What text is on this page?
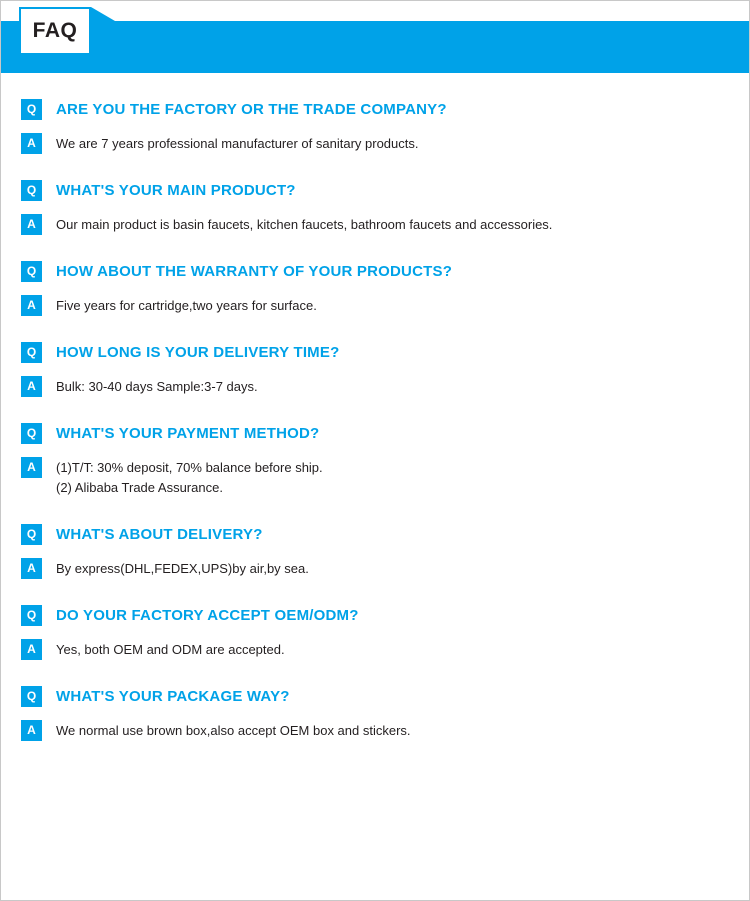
FAQ
Q	ARE YOU THE FACTORY OR THE TRADE COMPANY?
A	We are 7 years professional manufacturer of sanitary products.
Q	WHAT'S YOUR MAIN PRODUCT?
A	Our main product is basin faucets, kitchen faucets, bathroom faucets and accessories.
Q	HOW ABOUT THE WARRANTY OF YOUR PRODUCTS?
A	Five years for cartridge,two years for surface.
Q	HOW LONG IS YOUR DELIVERY TIME?
A	Bulk: 30-40 days Sample:3-7 days.
Q	WHAT'S YOUR PAYMENT METHOD?
A	(1)T/T: 30% deposit, 70% balance before ship.
(2) Alibaba Trade Assurance.
Q	WHAT'S ABOUT DELIVERY?
A	By express(DHL,FEDEX,UPS)by air,by sea.
Q	DO YOUR FACTORY ACCEPT OEM/ODM?
A	Yes, both OEM and ODM are accepted.
Q	WHAT'S YOUR PACKAGE WAY?
A	We normal use brown box,also accept OEM box and stickers.
